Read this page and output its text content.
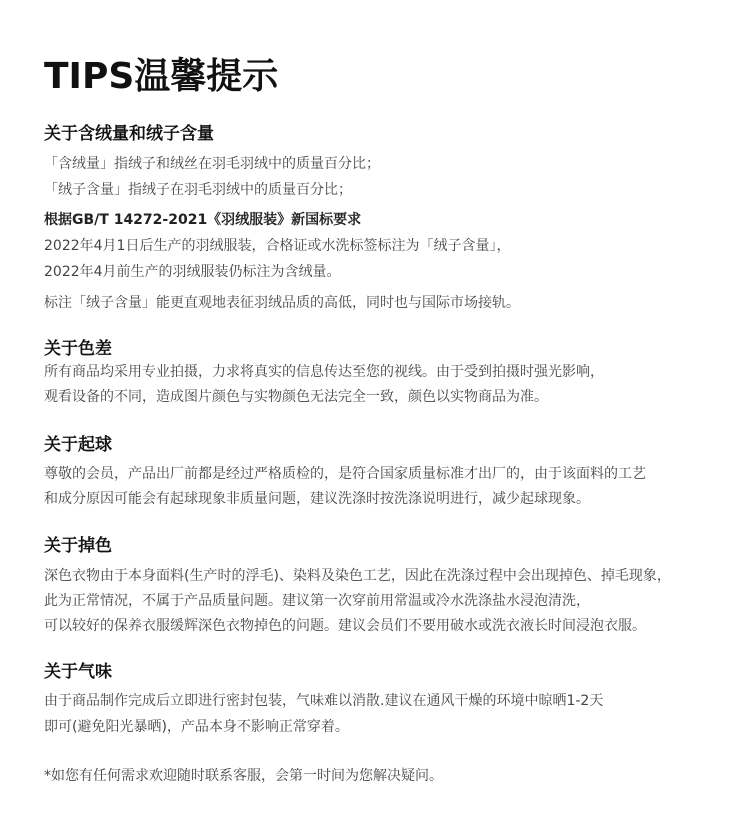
TIPS温馨提示
关于含绒量和绒子含量
「含绒量」指绒子和绒丝在羽毛羽绒中的质量百分比；
「绒子含量」指绒子在羽毛羽绒中的质量百分比；
根据GB/T 14272-2021《羽绒服装》新国标要求
2022年4月1日后生产的羽绒服装，合格证或水洗标签标注为「绒子含量」，
2022年4月前生产的羽绒服装仍标注为含绒量。
标注「绒子含量」能更直观地表征羽绒品质的高低，同时也与国际市场接轨。
关于色差
所有商品均采用专业拍摄，力求将真实的信息传达至您的视线。由于受到拍摄时强光影响，
观看设备的不同，造成图片颜色与实物颜色无法完全一致，颜色以实物商品为准。
关于起球
尊敬的会员，产品出厂前都是经过严格质检的，是符合国家质量标准才出厂的，由于该面料的工艺
和成分原因可能会有起球现象非质量问题，建议洗涤时按洗涤说明进行，减少起球现象。
关于掉色
深色衣物由于本身面料(生产时的浮毛)、染料及染色工艺，因此在洗涤过程中会出现掉色、掉毛现象，
此为正常情况，不属于产品质量问题。建议第一次穿前用常温或冷水洗涤盐水浸泡清洗，
可以较好的保养衣服缓辉深色衣物掉色的问题。建议会员们不要用破水或洗衣液长时间浸泡衣服。
关于气味
由于商品制作完成后立即进行密封包装，气味难以消散.建议在通风干燥的环境中晾晒1-2天
即可(避免阳光暴晒)，产品本身不影响正常穿着。
*如您有任何需求欢迎随时联系客服，会第一时间为您解决疑问。
